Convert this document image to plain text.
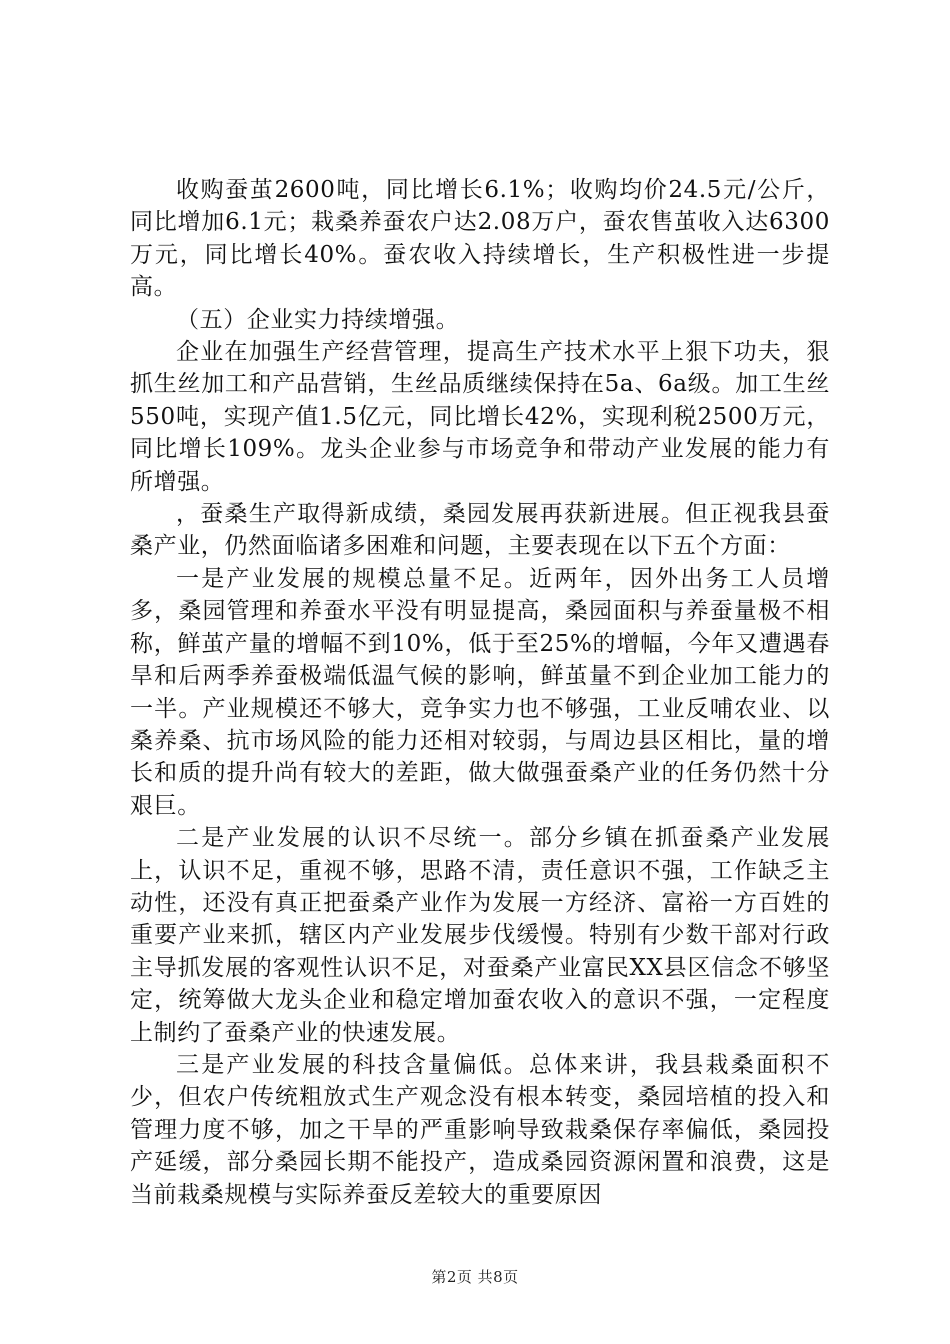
收购蚕茧2600吨，同比增长6.1%；收购均价24.5元/公斤，同比增加6.1元；栽桑养蚕农户达2.08万户，蚕农售茧收入达6300万元，同比增长40%。蚕农收入持续增长，生产积极性进一步提高。

（五）企业实力持续增强。

企业在加强生产经营管理，提高生产技术水平上狠下功夫，狠抓生丝加工和产品营销，生丝品质继续保持在5a、6a级。加工生丝550吨，实现产值1.5亿元，同比增长42%，实现利税2500万元，同比增长109%。龙头企业参与市场竞争和带动产业发展的能力有所增强。

，蚕桑生产取得新成绩，桑园发展再获新进展。但正视我县蚕桑产业，仍然面临诸多困难和问题，主要表现在以下五个方面：

一是产业发展的规模总量不足。近两年，因外出务工人员增多，桑园管理和养蚕水平没有明显提高，桑园面积与养蚕量极不相称，鲜茧产量的增幅不到10%，低于至25%的增幅，今年又遭遇春旱和后两季养蚕极端低温气候的影响，鲜茧量不到企业加工能力的一半。产业规模还不够大，竞争实力也不够强，工业反哺农业、以桑养桑、抗市场风险的能力还相对较弱，与周边县区相比，量的增长和质的提升尚有较大的差距，做大做强蚕桑产业的任务仍然十分艰巨。

二是产业发展的认识不尽统一。部分乡镇在抓蚕桑产业发展上，认识不足，重视不够，思路不清，责任意识不强，工作缺乏主动性，还没有真正把蚕桑产业作为发展一方经济、富裕一方百姓的重要产业来抓，辖区内产业发展步伐缓慢。特别有少数干部对行政主导抓发展的客观性认识不足，对蚕桑产业富民XX县区信念不够坚定，统筹做大龙头企业和稳定增加蚕农收入的意识不强，一定程度上制约了蚕桑产业的快速发展。

三是产业发展的科技含量偏低。总体来讲，我县栽桑面积不少，但农户传统粗放式生产观念没有根本转变，桑园培植的投入和管理力度不够，加之干旱的严重影响导致栽桑保存率偏低，桑园投产延缓，部分桑园长期不能投产，造成桑园资源闲置和浪费，这是当前栽桑规模与实际养蚕反差较大的重要原因

第2页 共8页
